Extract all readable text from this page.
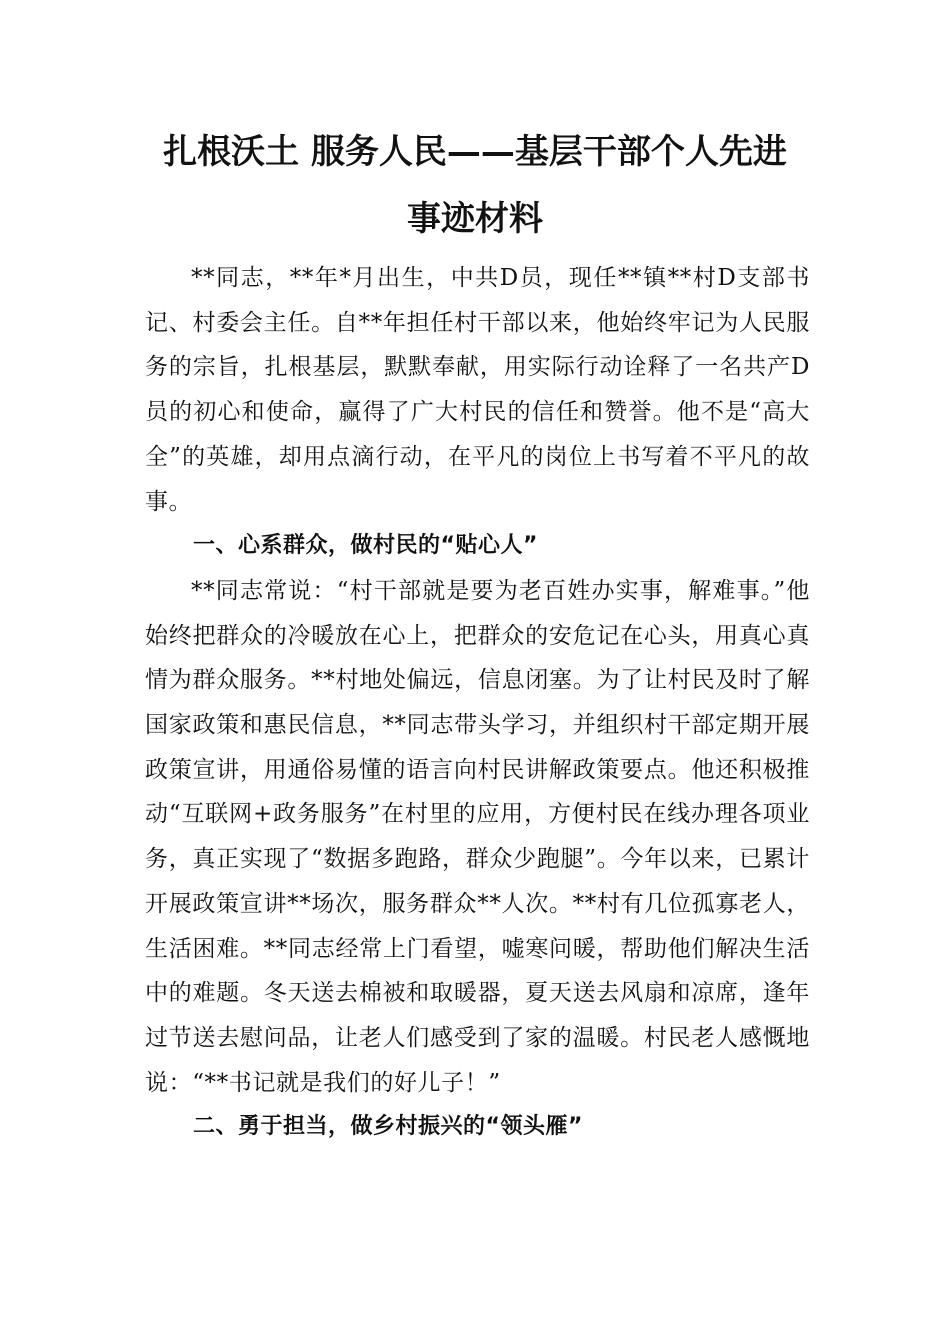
扎根沃土 服务人民——基层干部个人先进
事迹材料

**同志，**年*月出生，中共D员，现任**镇**村D支部书记、村委会主任。自**年担任村干部以来，他始终牢记为人民服务的宗旨，扎根基层，默默奉献，用实际行动诠释了一名共产D员的初心和使命，赢得了广大村民的信任和赞誉。他不是“高大全”的英雄，却用点滴行动，在平凡的岗位上书写着不平凡的故事。

一、心系群众，做村民的“贴心人”

**同志常说：“村干部就是要为老百姓办实事，解难事。”他始终把群众的冷暖放在心上，把群众的安危记在心头，用真心真情为群众服务。**村地处偏远，信息闭塞。为了让村民及时了解国家政策和惠民信息，**同志带头学习，并组织村干部定期开展政策宣讲，用通俗易懂的语言向村民讲解政策要点。他还积极推动“互联网+政务服务”在村里的应用，方便村民在线办理各项业务，真正实现了“数据多跑路，群众少跑腿”。今年以来，已累计开展政策宣讲**场次，服务群众**人次。**村有几位孤寡老人，生活困难。**同志经常上门看望，嘘寒问暖，帮助他们解决生活中的难题。冬天送去棉被和取暖器，夏天送去风扇和凉席，逢年过节送去慰问品，让老人们感受到了家的温暖。村民老人感慨地说：“**书记就是我们的好儿子！”

二、勇于担当，做乡村振兴的“领头雁”
